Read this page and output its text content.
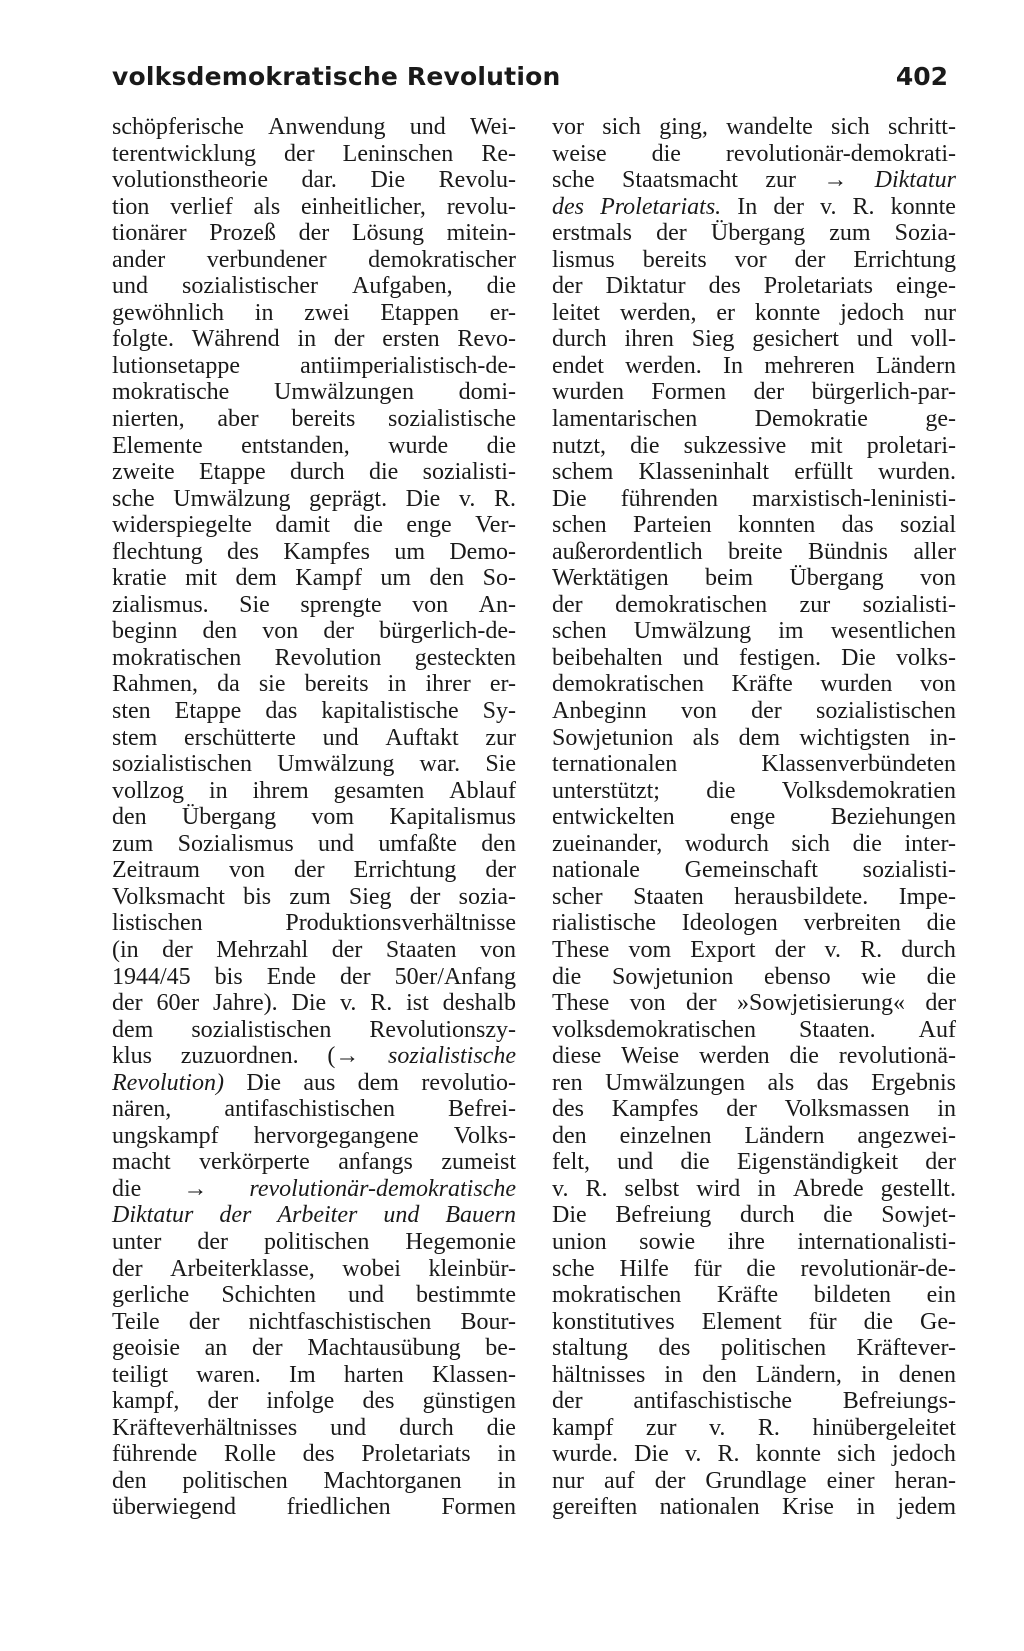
volksdemokratische Revolution	402
schöpferische Anwendung und Wei-
terentwicklung der Leninschen Re-
volutionstheorie dar. Die Revolu-
tion verlief als einheitlicher, revolu-
tionärer Prozeß der Lösung mitein-
ander verbundener demokratischer
und sozialistischer Aufgaben, die
gewöhnlich in zwei Etappen er-
folgte. Während in der ersten Revo-
lutionsetappe	antiimperialistisch-de-
mokratische Umwälzungen domi-
nierten, aber bereits sozialistische
Elemente entstanden, wurde die
zweite Etappe durch die sozialisti-
sche Umwälzung geprägt. Die v. R.
widerspiegelte damit die enge Ver-
flechtung des Kampfes um Demo-
kratie mit dem Kampf um den So-
zialismus. Sie sprengte von An-
beginn den von der bürgerlich-de-
mokratischen Revolution gesteckten
Rahmen, da sie bereits in ihrer er-
sten Etappe das kapitalistische Sy-
stem erschütterte und Auftakt zur
sozialistischen Umwälzung war. Sie
vollzog in ihrem gesamten Ablauf
den Übergang vom Kapitalismus
zum Sozialismus und umfaßte den
Zeitraum von der Errichtung der
Volksmacht bis zum Sieg der sozia-
listischen	Produktionsverhältnisse
(in der Mehrzahl der Staaten von
1944/45 bis Ende der 50er/Anfang
der 60er Jahre). Die v. R. ist deshalb
dem sozialistischen Revolutionszy-
klus zuzuordnen. (→ sozialistische
Revolution) Die aus dem revolutio-
nären, antifaschistischen Befrei-
ungskampf hervorgegangene Volks-
macht verkörperte anfangs zumeist
die → revolutionär-demokratische
Diktatur der Arbeiter und Bauern
unter der politischen Hegemonie
der Arbeiterklasse, wobei kleinbür-
gerliche Schichten und bestimmte
Teile der nichtfaschistischen Bour-
geoisie an der Machtausübung be-
teiligt waren. Im harten Klassen-
kampf, der infolge des günstigen
Kräfteverhältnisses und durch die
führende Rolle des Proletariats in
den politischen Machtorganen in
überwiegend friedlichen Formen
vor sich ging, wandelte sich schritt-
weise die revolutionär-demokrati-
sche Staatsmacht zur → Diktatur
des Proletariats. In der v. R. konnte
erstmals der Übergang zum Sozia-
lismus bereits vor der Errichtung
der Diktatur des Proletariats einge-
leitet werden, er konnte jedoch nur
durch ihren Sieg gesichert und voll-
endet werden. In mehreren Ländern
wurden Formen der bürgerlich-par-
lamentarischen Demokratie ge-
nutzt, die sukzessive mit proletari-
schem Klasseninhalt erfüllt wurden.
Die führenden marxistisch-leninisti-
schen Parteien konnten das sozial
außerordentlich breite Bündnis aller
Werktätigen beim Übergang von
der demokratischen zur sozialisti-
schen Umwälzung im wesentlichen
beibehalten und festigen. Die volks-
demokratischen Kräfte wurden von
Anbeginn von der sozialistischen
Sowjetunion als dem wichtigsten in-
ternationalen	Klassenverbündeten
unterstützt; die Volksdemokratien
entwickelten enge Beziehungen
zueinander, wodurch sich die inter-
nationale Gemeinschaft sozialisti-
scher Staaten herausbildete. Impe-
rialistische Ideologen verbreiten die
These vom Export der v. R. durch
die Sowjetunion ebenso wie die
These von der »Sowjetisierung« der
volksdemokratischen Staaten. Auf
diese Weise werden die revolutionä-
ren Umwälzungen als das Ergebnis
des Kampfes der Volksmassen in
den einzelnen Ländern angezwei-
felt, und die Eigenständigkeit der
v. R. selbst wird in Abrede gestellt.
Die Befreiung durch die Sowjet-
union sowie ihre internationalisti-
sche Hilfe für die revolutionär-de-
mokratischen Kräfte bildeten ein
konstitutives Element für die Ge-
staltung des politischen Kräftever-
hältnisses in den Ländern, in denen
der antifaschistische Befreiungs-
kampf zur v. R. hinübergeleitet
wurde. Die v. R. konnte sich jedoch
nur auf der Grundlage einer heran-
gereiften nationalen Krise in jedem
